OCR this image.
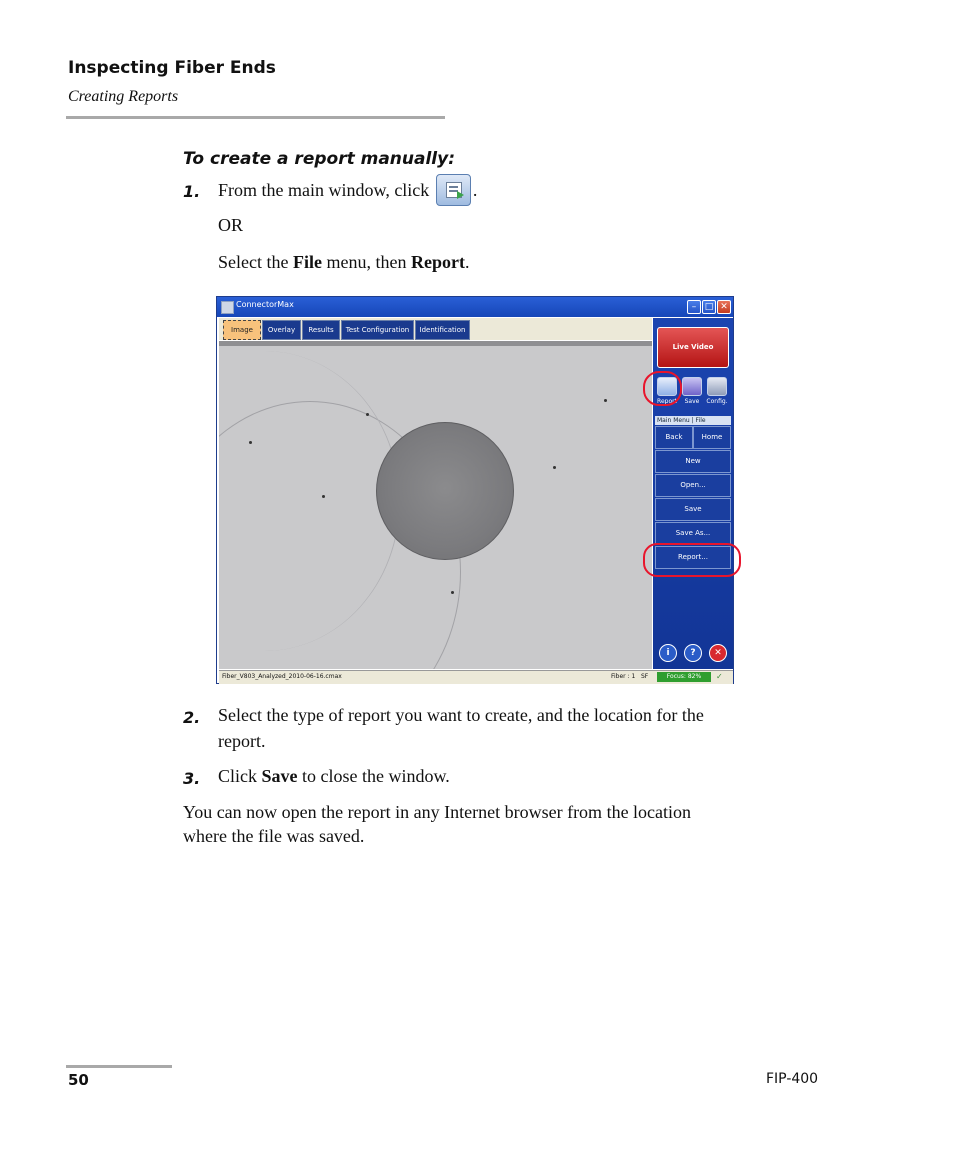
Inspecting Fiber Ends
Creating Reports
To create a report manually:
1. From the main window, click .
OR
Select the File menu, then Report.
ConnectorMax	– □ ✕
Image	Overlay	Results	Test Configuration	Identification
Live Video
Report	Save	Config.
Main Menu | File
Back	Home
New
Open...
Save
Save As...
Report...
i	?	✕
Fiber_V803_Analyzed_2010-06-16.cmax	Fiber : 1 SF	Focus: 82%	✓
2. Select the type of report you want to create, and the location for the
report.
3. Click Save to close the window.
You can now open the report in any Internet browser from the location
where the file was saved.
50	FIP-400
